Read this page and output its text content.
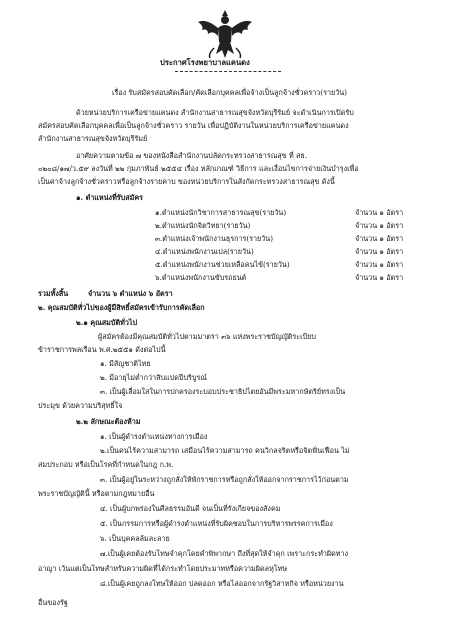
ประกาศโรงพยาบาลแคนดง
เรื่อง รับสมัครสอบคัดเลือก/คัดเลือกบุคคลเพื่อจ้างเป็นลูกจ้างชั่วคราว(รายวัน)
ด้วยหน่วยบริการเครือข่ายแคนดง สำนักงานสาธารณสุขจังหวัดบุรีรัมย์ จะดำเนินการเปิดรับ
สมัครสอบคัดเลือกบุคคลเพื่อเป็นลูกจ้างชั่วคราว รายวัน เพื่อปฏิบัติงานในหน่วยบริการเครือข่ายแคนดง
สำนักงานสาธารณสุขจังหวัดบุรีรัมย์
อาศัยความตามข้อ ๗ ของหนังสือสำนักงานปลัดกระทรวงสาธารณสุข ที่ สธ.
๐๒๐๘/๑๗/ว.๕๙ ลงวันที่ ๒๒ กุมภาพันธ์ ๒๕๕๔ เรื่อง หลักเกณฑ์ วิธีการ และเงื่อนไขการจ่ายเงินบำรุงเพื่อ
เป็นค่าจ้างลูกจ้างชั่วคราวหรือลูกจ้างรายคาบ ของหน่วยบริการในสังกัดกระทรวงสาธารณสุข ดังนี้
๑. ตำแหน่งที่รับสมัคร
๑.ตำแหน่งนักวิชาการสาธารณสุข(รายวัน)	จำนวน ๑ อัตรา
๒.ตำแหน่งนักจิตวิทยา(รายวัน)	จำนวน ๑ อัตรา
๓.ตำแหน่งเจ้าพนักงานธุรการ(รายวัน)	จำนวน ๑ อัตรา
๔.ตำแหน่งพนักงานเปล(รายวัน)	จำนวน ๑ อัตรา
๕.ตำแหน่งพนักงานช่วยเหลือคนไข้(รายวัน)	จำนวน ๑ อัตรา
๖.ตำแหน่งพนักงานขับรถยนต์	จำนวน ๑ อัตรา
รวมทั้งสิ้น	จำนวน ๖ ตำแหน่ง ๖ อัตรา
๒. คุณสมบัติทั่วไปของผู้มีสิทธิ์สมัครเข้ารับการคัดเลือก
๒.๑ คุณสมบัติทั่วไป
ผู้สมัครต้องมีคุณสมบัติทั่วไปตามมาตรา ๓๖ แห่งพระราชบัญญัติระเบียบ
ข้าราชการพลเรือน พ.ศ.๒๕๕๑ ดังต่อไปนี้
๑. มีสัญชาติไทย
๒. มีอายุไม่ต่ำกว่าสิบแปดปีบริบูรณ์
๓. เป็นผู้เลื่อมใสในการปกครองระบอบประชาธิปไตยอันมีพระมหากษัตริย์ทรงเป็น
ประมุข ด้วยความบริสุทธิ์ใจ
๒.๒ ลักษณะต้องห้าม
๑. เป็นผู้ดำรงตำแหน่งทางการเมือง
๒.เป็นคนไร้ความสามารถ เสมือนไร้ความสามารถ คนวิกลจริตหรือจิตฟั่นเฟือน ไม่
สมประกอบ หรือเป็นโรคที่กำหนดในกฎ ก.พ.
๓. เป็นผู้อยู่ในระหว่างถูกสั่งให้พักราชการหรือถูกสั่งให้ออกจากราชการไว้ก่อนตาม
พระราชบัญญัตินี้ หรือตามกฎหมายอื่น
๔. เป็นผู้บกพร่องในศีลธรรมอันดี จนเป็นที่รังเกียจของสังคม
๕. เป็นกรรมการหรือผู้ดำรงตำแหน่งที่รับผิดชอบในการบริหารพรรคการเมือง
๖. เป็นบุคคลล้มละลาย
๗.เป็นผู้เคยต้องรับโทษจำคุกโดยคำพิพากษา ถึงที่สุดให้จำคุก เพราะกระทำผิดทาง
อาญา เว้นแต่เป็นโทษสำหรับความผิดที่ได้กระทำโดยประมาทหรือความผิดลหุโทษ
๘.เป็นผู้เคยถูกลงโทษให้ออก ปลดออก หรือไล่ออกจากรัฐวิสาหกิจ หรือหน่วยงาน
อื่นของรัฐ
